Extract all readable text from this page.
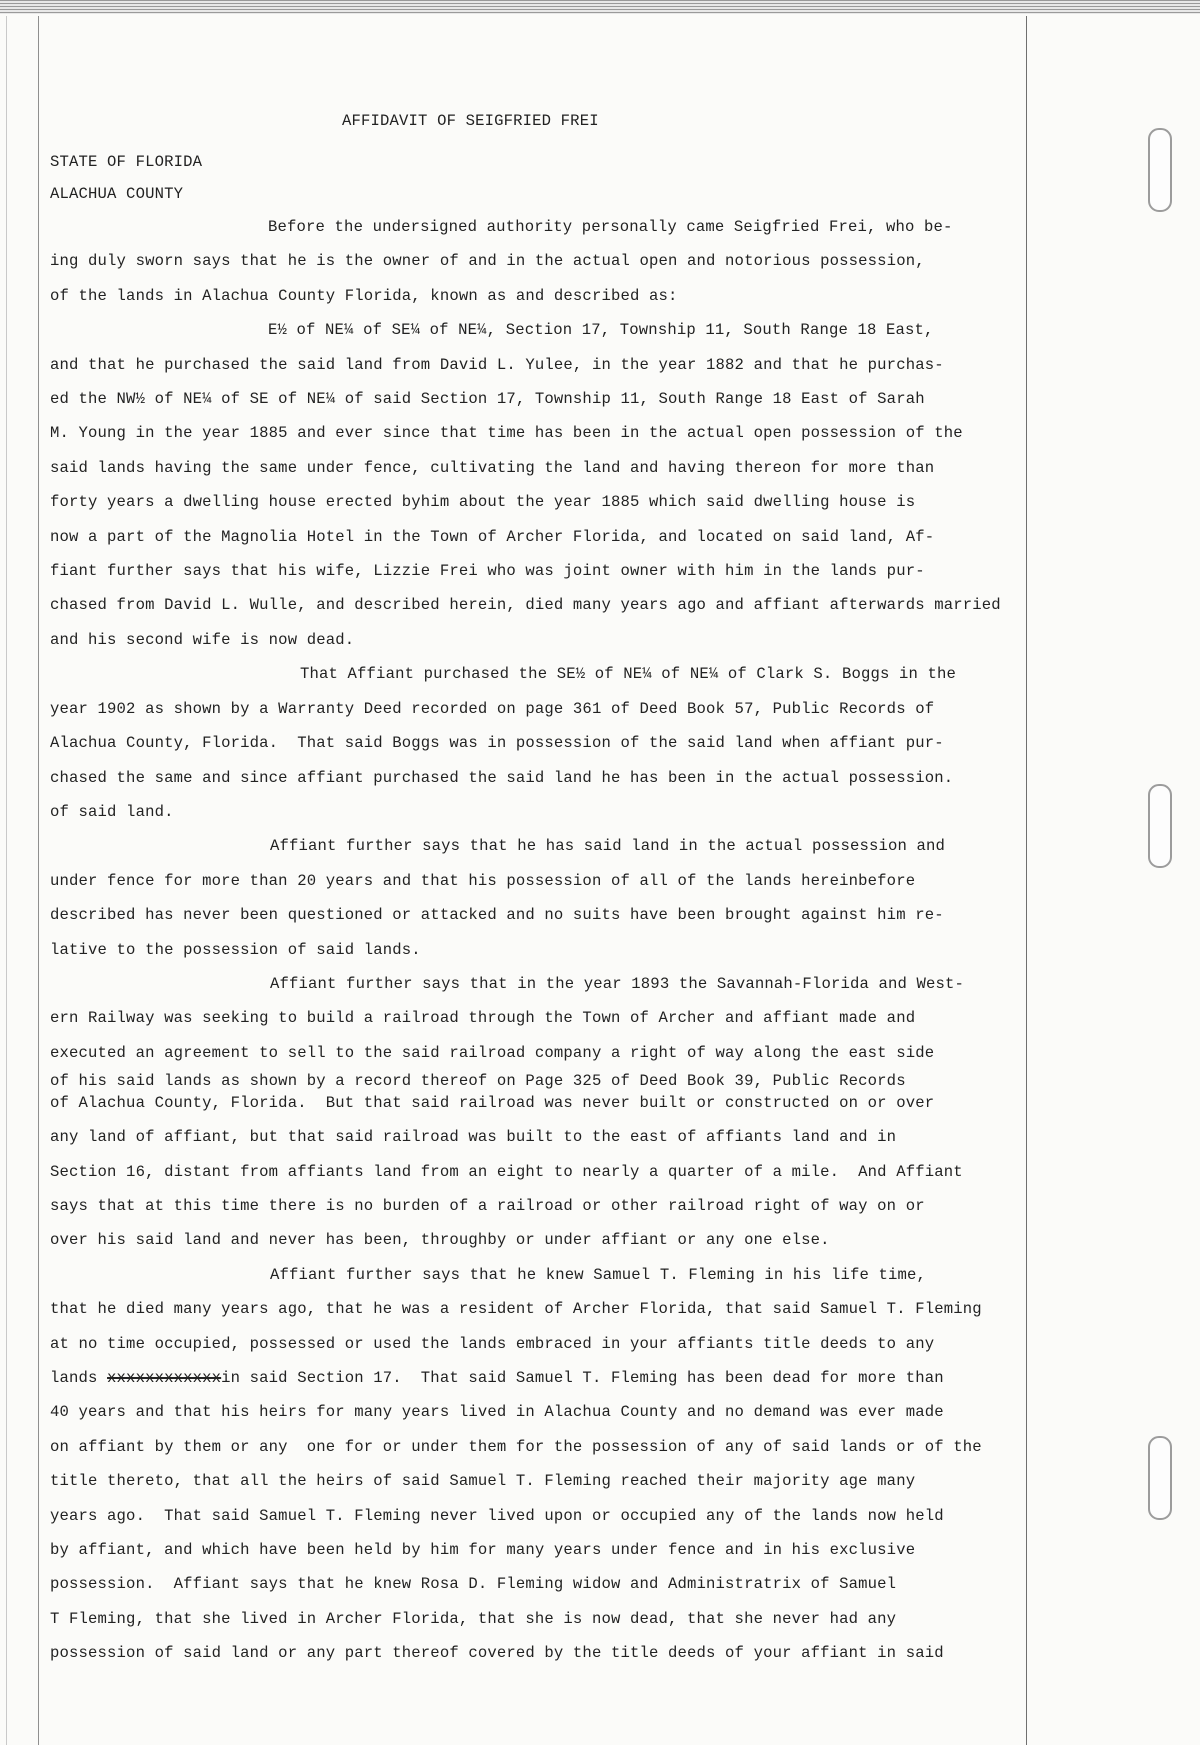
AFFIDAVIT OF SEIGFRIED FREI

STATE OF FLORIDA

ALACHUA COUNTY

Before the undersigned authority personally came Seigfried Frei, who be-

ing duly sworn says that he is the owner of and in the actual open and notorious possession,

of the lands in Alachua County Florida, known as and described as:

E½ of NE¼ of SE¼ of NE¼, Section 17, Township 11, South Range 18 East,

and that he purchased the said land from David L. Yulee, in the year 1882 and that he purchas-

ed the NW½ of NE¼ of SE of NE¼ of said Section 17, Township 11, South Range 18 East of Sarah

M. Young in the year 1885 and ever since that time has been in the actual open possession of the

said lands having the same under fence, cultivating the land and having thereon for more than

forty years a dwelling house erected byhim about the year 1885 which said dwelling house is

now a part of the Magnolia Hotel in the Town of Archer Florida, and located on said land, Af-

fiant further says that his wife, Lizzie Frei who was joint owner with him in the lands pur-

chased from David L. Wulle, and described herein, died many years ago and affiant afterwards married

and his second wife is now dead.

That Affiant purchased the SE½ of NE¼ of NE¼ of Clark S. Boggs in the

year 1902 as shown by a Warranty Deed recorded on page 361 of Deed Book 57, Public Records of

Alachua County, Florida.  That said Boggs was in possession of the said land when affiant pur-

chased the same and since affiant purchased the said land he has been in the actual possession.

of said land.

Affiant further says that he has said land in the actual possession and

under fence for more than 20 years and that his possession of all of the lands hereinbefore

described has never been questioned or attacked and no suits have been brought against him re-

lative to the possession of said lands.

Affiant further says that in the year 1893 the Savannah-Florida and West-

ern Railway was seeking to build a railroad through the Town of Archer and affiant made and

executed an agreement to sell to the said railroad company a right of way along the east side

of his said lands as shown by a record thereof on Page 325 of Deed Book 39, Public Records

of Alachua County, Florida.  But that said railroad was never built or constructed on or over

any land of affiant, but that said railroad was built to the east of affiants land and in

Section 16, distant from affiants land from an eight to nearly a quarter of a mile.  And Affiant

says that at this time there is no burden of a railroad or other railroad right of way on or

over his said land and never has been, throughby or under affiant or any one else.

Affiant further says that he knew Samuel T. Fleming in his life time,

that he died many years ago, that he was a resident of Archer Florida, that said Samuel T. Fleming

at no time occupied, possessed or used the lands embraced in your affiants title deeds to any

lands xxxxxxxxxxxxin said Section 17.  That said Samuel T. Fleming has been dead for more than

40 years and that his heirs for many years lived in Alachua County and no demand was ever made

on affiant by them or any  one for or under them for the possession of any of said lands or of the

title thereto, that all the heirs of said Samuel T. Fleming reached their majority age many

years ago.  That said Samuel T. Fleming never lived upon or occupied any of the lands now held

by affiant, and which have been held by him for many years under fence and in his exclusive

possession.  Affiant says that he knew Rosa D. Fleming widow and Administratrix of Samuel

T Fleming, that she lived in Archer Florida, that she is now dead, that she never had any

possession of said land or any part thereof covered by the title deeds of your affiant in said
